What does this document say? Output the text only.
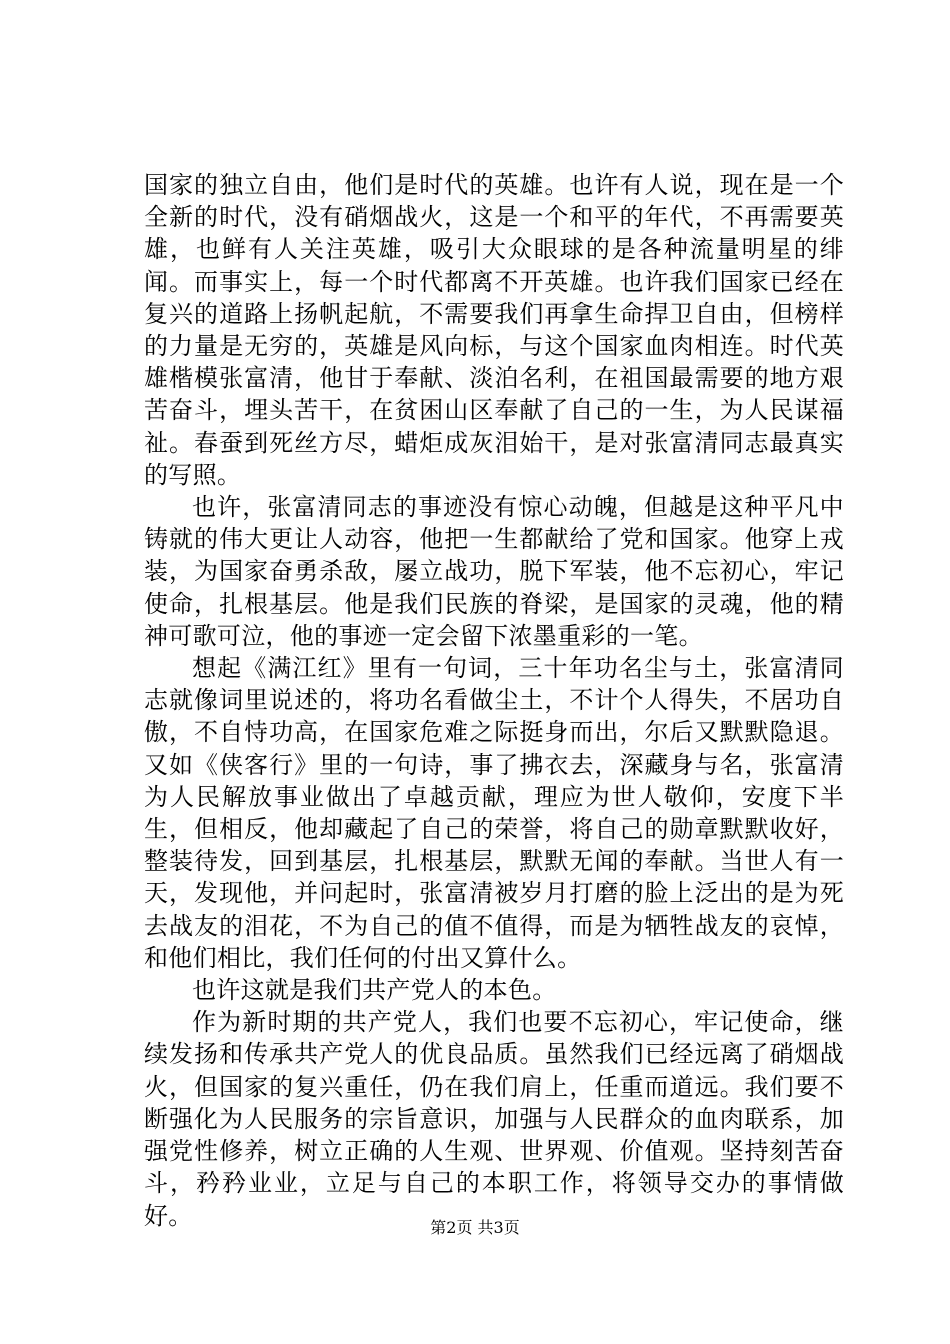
国家的独立自由，他们是时代的英雄。也许有人说，现在是一个全新的时代，没有硝烟战火，这是一个和平的年代，不再需要英雄，也鲜有人关注英雄，吸引大众眼球的是各种流量明星的绯闻。而事实上，每一个时代都离不开英雄。也许我们国家已经在复兴的道路上扬帆起航，不需要我们再拿生命捍卫自由，但榜样的力量是无穷的，英雄是风向标，与这个国家血肉相连。时代英雄楷模张富清，他甘于奉献、淡泊名利，在祖国最需要的地方艰苦奋斗，埋头苦干，在贫困山区奉献了自己的一生，为人民谋福祉。春蚕到死丝方尽，蜡炬成灰泪始干，是对张富清同志最真实的写照。

也许，张富清同志的事迹没有惊心动魄，但越是这种平凡中铸就的伟大更让人动容，他把一生都献给了党和国家。他穿上戎装，为国家奋勇杀敌，屡立战功，脱下军装，他不忘初心，牢记使命，扎根基层。他是我们民族的脊梁，是国家的灵魂，他的精神可歌可泣，他的事迹一定会留下浓墨重彩的一笔。

想起《满江红》里有一句词，三十年功名尘与土，张富清同志就像词里说述的，将功名看做尘土，不计个人得失，不居功自傲，不自恃功高，在国家危难之际挺身而出，尔后又默默隐退。又如《侠客行》里的一句诗，事了拂衣去，深藏身与名，张富清为人民解放事业做出了卓越贡献，理应为世人敬仰，安度下半生，但相反，他却藏起了自己的荣誉，将自己的勋章默默收好，整装待发，回到基层，扎根基层，默默无闻的奉献。当世人有一天，发现他，并问起时，张富清被岁月打磨的脸上泛出的是为死去战友的泪花，不为自己的值不值得，而是为牺牲战友的哀悼，和他们相比，我们任何的付出又算什么。

也许这就是我们共产党人的本色。

作为新时期的共产党人，我们也要不忘初心，牢记使命，继续发扬和传承共产党人的优良品质。虽然我们已经远离了硝烟战火，但国家的复兴重任，仍在我们肩上，任重而道远。我们要不断强化为人民服务的宗旨意识，加强与人民群众的血肉联系，加强党性修养，树立正确的人生观、世界观、价值观。坚持刻苦奋斗，矜矜业业，立足与自己的本职工作，将领导交办的事情做好。	第2页 共3页
